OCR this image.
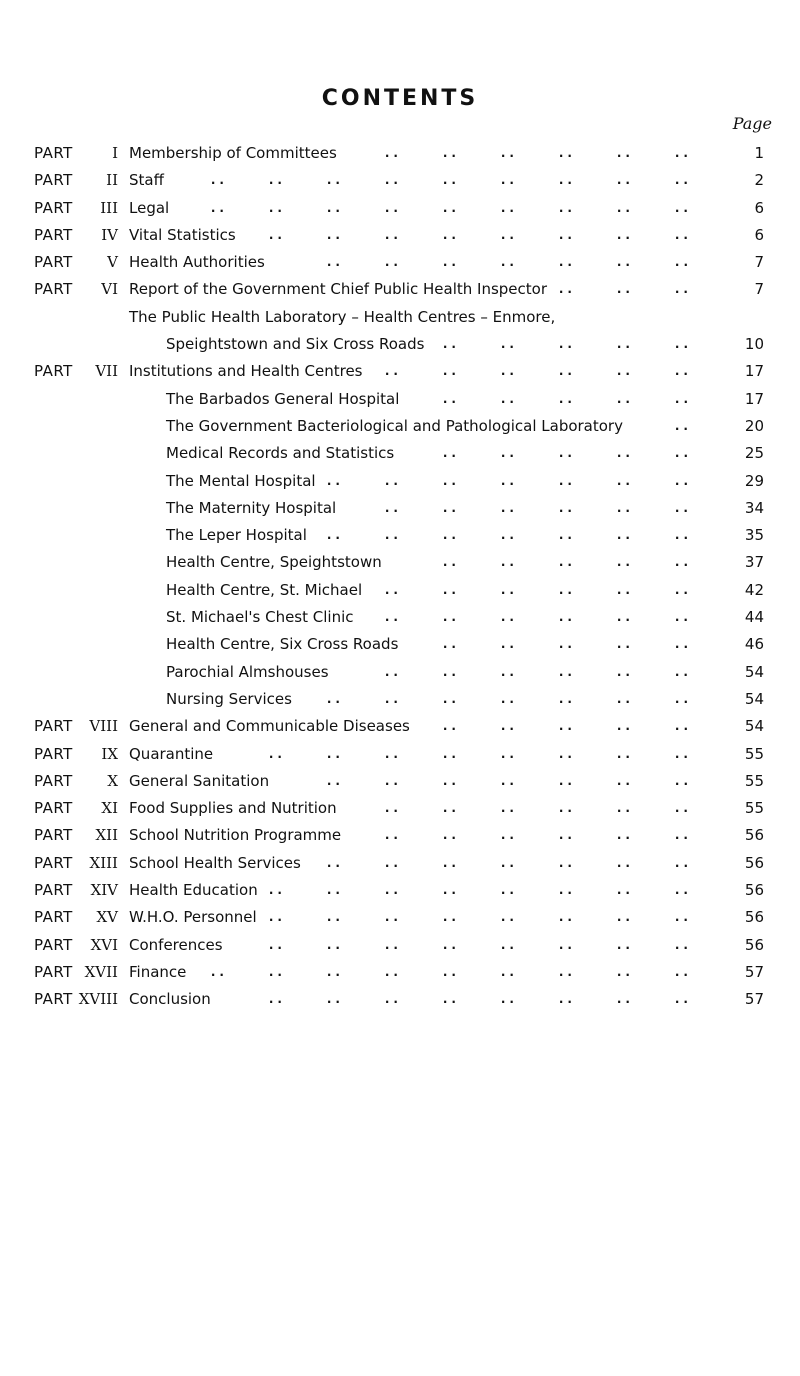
CONTENTS
Page
PART	I Membership of Committees	1
..     ..     ..     ..     ..     ..
PART	II Staff	2
..     ..     ..     ..     ..     ..     ..     ..     ..
PART	III Legal	6
..     ..     ..     ..     ..     ..     ..     ..     ..
PART	IV Vital Statistics	6
..     ..     ..     ..     ..     ..     ..     ..
PART	V Health Authorities	7
..     ..     ..     ..     ..     ..     ..
PART	VI Report of the Government Chief Public Health Inspector	7
..     ..     ..
The Public Health Laboratory – Health Centres – Enmore,
Speightstown and Six Cross Roads	10
..     ..     ..     ..     ..
PART	VII Institutions and Health Centres	17
..     ..     ..     ..     ..     ..
The Barbados General Hospital	17
..     ..     ..     ..     ..
The Government Bacteriological and Pathological Laboratory	20
..
Medical Records and Statistics	25
..     ..     ..     ..     ..
The Mental Hospital	29
..     ..     ..     ..     ..     ..     ..
The Maternity Hospital	34
..     ..     ..     ..     ..     ..
The Leper Hospital	35
..     ..     ..     ..     ..     ..     ..
Health Centre, Speightstown	37
..     ..     ..     ..     ..
Health Centre, St. Michael	42
..     ..     ..     ..     ..     ..
St. Michael's Chest Clinic	44
..     ..     ..     ..     ..     ..
Health Centre, Six Cross Roads	46
..     ..     ..     ..     ..
Parochial Almshouses	54
..     ..     ..     ..     ..     ..
Nursing Services	54
..     ..     ..     ..     ..     ..     ..
PART	VIII General and Communicable Diseases	54
..     ..     ..     ..     ..
PART	IX Quarantine	55
..     ..     ..     ..     ..     ..     ..     ..
PART	X General Sanitation	55
..     ..     ..     ..     ..     ..     ..
PART	XI Food Supplies and Nutrition	55
..     ..     ..     ..     ..     ..
PART	XII School Nutrition Programme	56
..     ..     ..     ..     ..     ..
PART	XIII School Health Services	56
..     ..     ..     ..     ..     ..     ..
PART	XIV Health Education	56
..     ..     ..     ..     ..     ..     ..     ..
PART	XV W.H.O. Personnel	56
..     ..     ..     ..     ..     ..     ..     ..
PART	XVI Conferences	56
..     ..     ..     ..     ..     ..     ..     ..
PART XVII Finance	57
..     ..     ..     ..     ..     ..     ..     ..     ..
PART XVIII Conclusion	57
..     ..     ..     ..     ..     ..     ..     ..
